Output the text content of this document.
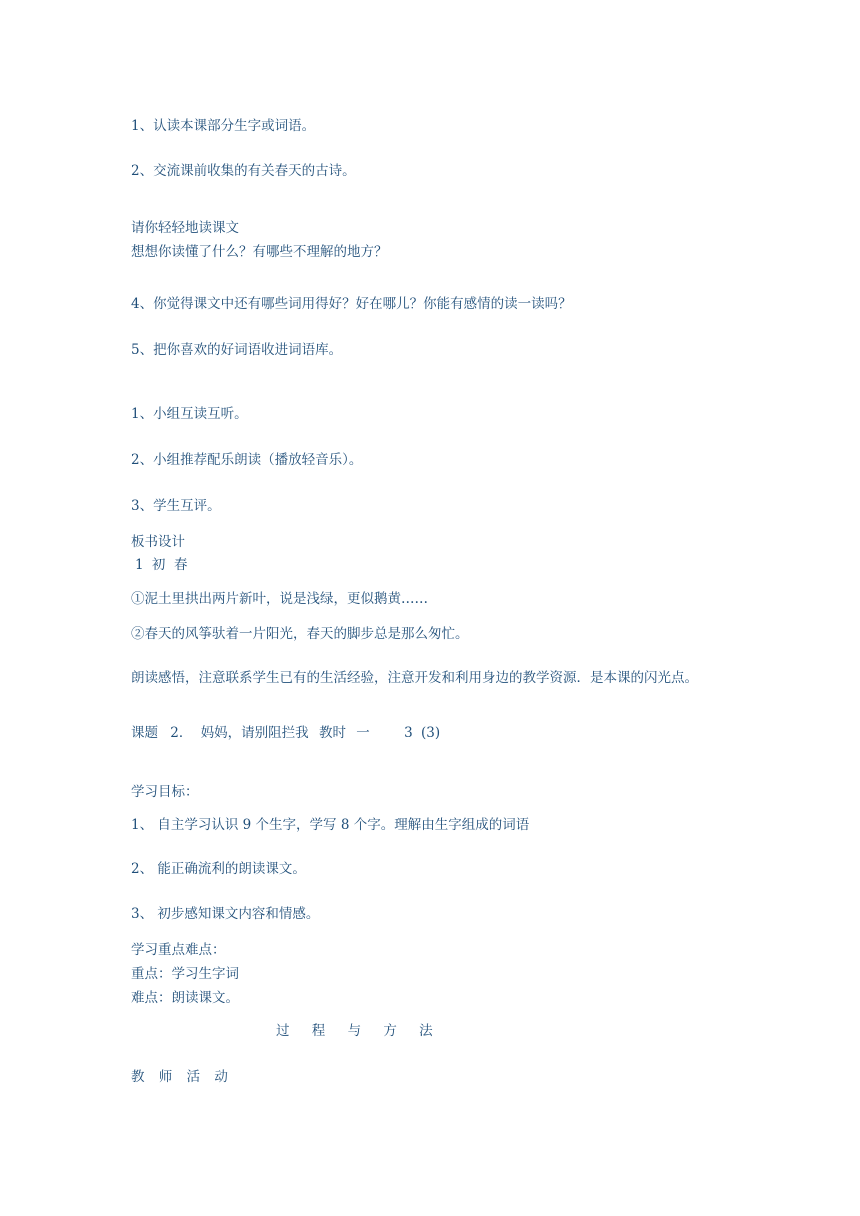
1、认读本课部分生字或词语。
2、交流课前收集的有关春天的古诗。
请你轻轻地读课文
想想你读懂了什么？有哪些不理解的地方？
4、你觉得课文中还有哪些词用得好？好在哪儿？你能有感情的读一读吗？
5、把你喜欢的好词语收进词语库。
1、小组互读互听。
2、小组推荐配乐朗读（播放轻音乐）。
3、学生互评。
板书设计
1 初  春
①泥土里拱出两片新叶，说是浅绿，更似鹅黄……
②春天的风筝驮着一片阳光，春天的脚步总是那么匆忙。
朗读感悟，注意联系学生已有的生活经验，注意开发和利用身边的教学资源．是本课的闪光点。
课题 2． 妈妈，请别阻拦我 教时 一	3 (3)
学习目标：
1、 自主学习认识 9 个生字，学写 8 个字。理解由生字组成的词语
2、 能正确流利的朗读课文。
3、 初步感知课文内容和情感。
学习重点难点：
重点：学习生字词
难点：朗读课文。
过 程 与 方 法
教 师 活 动
